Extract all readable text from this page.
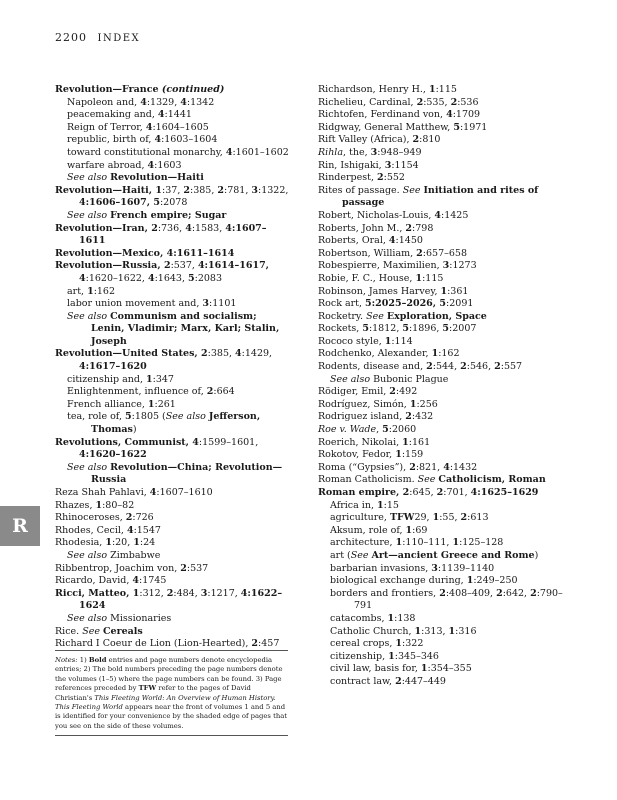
2200 INDEX
Revolution—France (continued)
Napoleon and, 4:1329, 4:1342
peacemaking and, 4:1441
Reign of Terror, 4:1604–1605
republic, birth of, 4:1603–1604
toward constitutional monarchy, 4:1601–1602
warfare abroad, 4:1603
See also Revolution—Haiti
Revolution—Haiti, 1:37, 2:385, 2:781, 3:1322, 4:1606–1607, 5:2078
See also French empire; Sugar
Revolution—Iran, 2:736, 4:1583, 4:1607–1611
Revolution—Mexico, 4:1611–1614
Revolution—Russia, 2:537, 4:1614–1617, 4:1620–1622, 4:1643, 5:2083
art, 1:162
labor union movement and, 3:1101
See also Communism and socialism; Lenin, Vladimir; Marx, Karl; Stalin, Joseph
Revolution—United States, 2:385, 4:1429, 4:1617–1620
citizenship and, 1:347
Enlightenment, influence of, 2:664
French alliance, 1:261
tea, role of, 5:1805 (See also Jefferson, Thomas)
Revolutions, Communist, 4:1599–1601, 4:1620–1622
See also Revolution—China; Revolution—Russia
Reza Shah Pahlavi, 4:1607–1610
Rhazes, 1:80–82
Rhinoceroses, 2:726
Rhodes, Cecil, 4:1547
Rhodesia, 1:20, 1:24
See also Zimbabwe
Ribbentrop, Joachim von, 2:537
Ricardo, David, 4:1745
Ricci, Matteo, 1:312, 2:484, 3:1217, 4:1622–1624
See also Missionaries
Rice. See Cereals
Richard I Coeur de Lion (Lion-Hearted), 2:457
Richardson, Henry H., 1:115
Richelieu, Cardinal, 2:535, 2:536
Richtofen, Ferdinand von, 4:1709
Ridgway, General Matthew, 5:1971
Rift Valley (Africa), 2:810
Rihla, the, 3:948–949
Rin, Ishigaki, 3:1154
Rinderpest, 2:552
Rites of passage. See Initiation and rites of passage
Robert, Nicholas-Louis, 4:1425
Roberts, John M., 2:798
Roberts, Oral, 4:1450
Robertson, William, 2:657–658
Robespierre, Maximilien, 3:1273
Robie, F. C., House, 1:115
Robinson, James Harvey, 1:361
Rock art, 5:2025–2026, 5:2091
Rocketry. See Exploration, Space
Rockets, 5:1812, 5:1896, 5:2007
Rococo style, 1:114
Rodchenko, Alexander, 1:162
Rodents, disease and, 2:544, 2:546, 2:557
See also Bubonic Plague
Rödiger, Emil, 2:492
Rodríguez, Simón, 1:256
Rodriguez island, 2:432
Roe v. Wade, 5:2060
Roerich, Nikolai, 1:161
Rokotov, Fedor, 1:159
Roma (“Gypsies”), 2:821, 4:1432
Roman Catholicism. See Catholicism, Roman
Roman empire, 2:645, 2:701, 4:1625–1629
Africa in, 1:15
agriculture, TFW29, 1:55, 2:613
Aksum, role of, 1:69
architecture, 1:110–111, 1:125–128
art (See Art—ancient Greece and Rome)
barbarian invasions, 3:1139–1140
biological exchange during, 1:249–250
borders and frontiers, 2:408–409, 2:642, 2:790–791
catacombs, 1:138
Catholic Church, 1:313, 1:316
cereal crops, 1:322
citizenship, 1:345–346
civil law, basis for, 1:354–355
contract law, 2:447–449
Notes: 1) Bold entries and page numbers denote encyclopedia entries; 2) The bold numbers preceding the page numbers denote the volumes (1–5) where the page numbers can be found. 3) Page references preceded by TFW refer to the pages of David Christian's This Fleeting World: An Overview of Human History. This Fleeting World appears near the front of volumes 1 and 5 and is identified for your convenience by the shaded edge of pages that you see on the side of these volumes.
R
